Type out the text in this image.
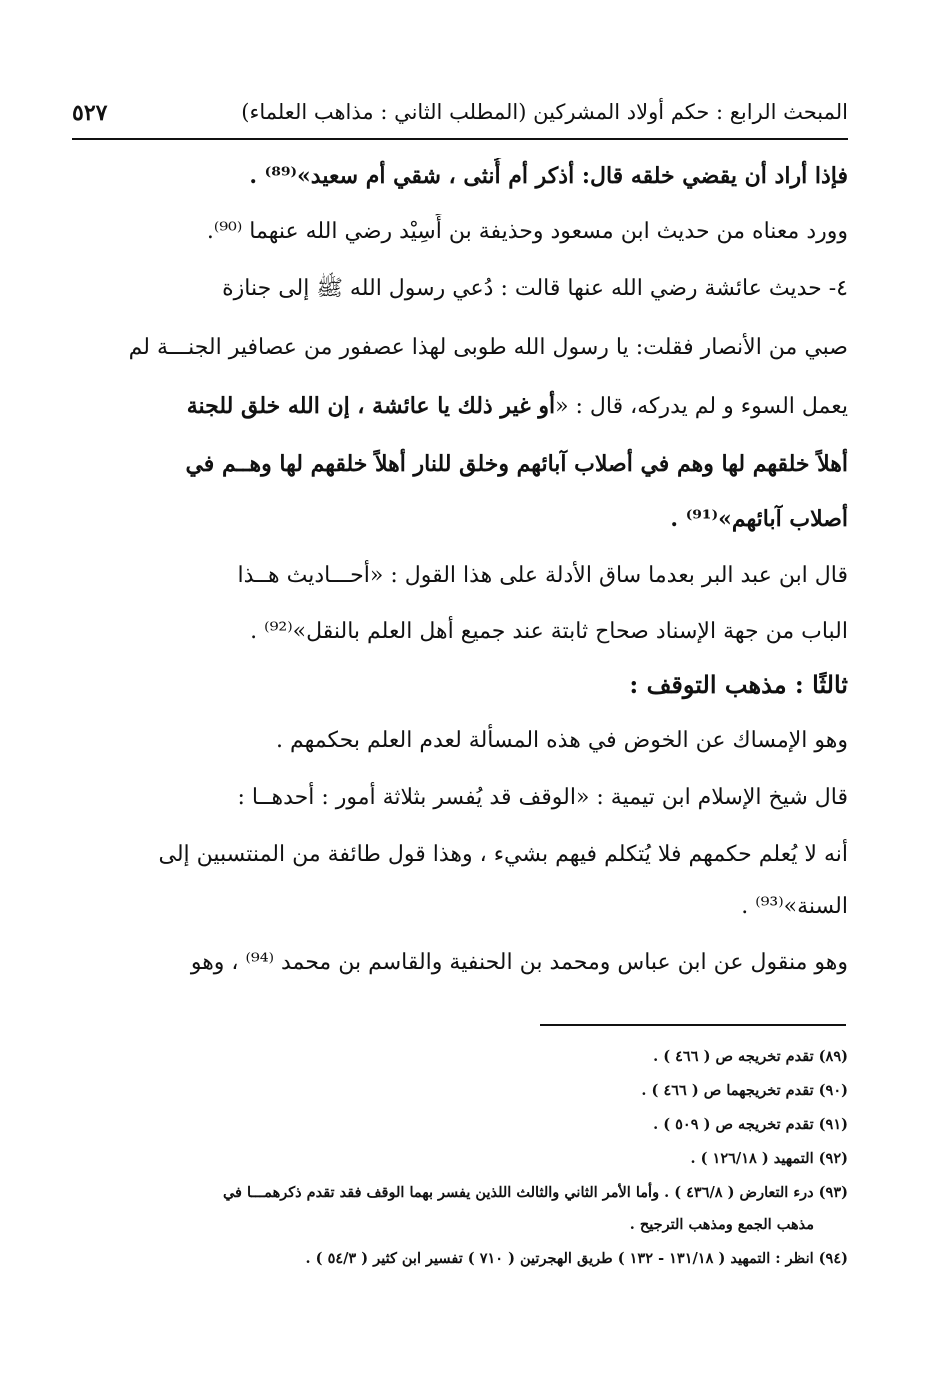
المبحث الرابع : حكم أولاد المشركين (المطلب الثاني : مذاهب العلماء)
٥٢٧
فإذا أراد أن يقضي خلقه قال: أذكر أم أُنثى ، شقي أم سعيد»⁽⁸⁹⁾ .
وورد معناه من حديث ابن مسعود وحذيفة بن أَسِيْد رضي الله عنهما ⁽⁹⁰⁾.
٤- حديث عائشة رضي الله عنها قالت : دُعي رسول الله ﷺ إلى جنازة
صبي من الأنصار فقلت: يا رسول الله طوبى لهذا عصفور من عصافير الجنـــة لم
يعمل السوء و لم يدركه، قال : «أو غير ذلك يا عائشة ، إن الله خلق للجنة
أهلاً خلقهم لها وهم في أصلاب آبائهم وخلق للنار أهلاً خلقهم لها وهــم في
أصلاب آبائهم»⁽⁹¹⁾ .
قال ابن عبد البر بعدما ساق الأدلة على هذا القول : «أحـــاديث هــذا
الباب من جهة الإسناد صحاح ثابتة عند جميع أهل العلم بالنقل»⁽⁹²⁾ .
ثالثًا : مذهب التوقف :
وهو الإمساك عن الخوض في هذه المسألة لعدم العلم بحكمهم .
قال شيخ الإسلام ابن تيمية : «الوقف قد يُفسر بثلاثة أمور : أحدهــا :
أنه لا يُعلم حكمهم فلا يُتكلم فيهم بشيء ، وهذا قول طائفة من المنتسبين إلى
السنة»⁽⁹³⁾ .
وهو منقول عن ابن عباس ومحمد بن الحنفية والقاسم بن محمد ⁽⁹⁴⁾ ، وهو
(٨٩) تقدم تخريجه ص ( ٤٦٦ ) .
(٩٠) تقدم تخريجهما ص ( ٤٦٦ ) .
(٩١) تقدم تخريجه ص ( ٥٠٩ ) .
(٩٢) التمهيد ( ١٢٦/١٨ ) .
(٩٣) درء التعارض ( ٤٣٦/٨ ) . وأما الأمر الثاني والثالث اللذين يفسر بهما الوقف فقد تقدم ذكرهمـــا في
مذهب الجمع ومذهب الترجيح .
(٩٤) انظر : التمهيد ( ١٣١/١٨ - ١٣٢ ) طريق الهجرتين ( ٧١٠ ) تفسير ابن كثير ( ٥٤/٣ ) .
